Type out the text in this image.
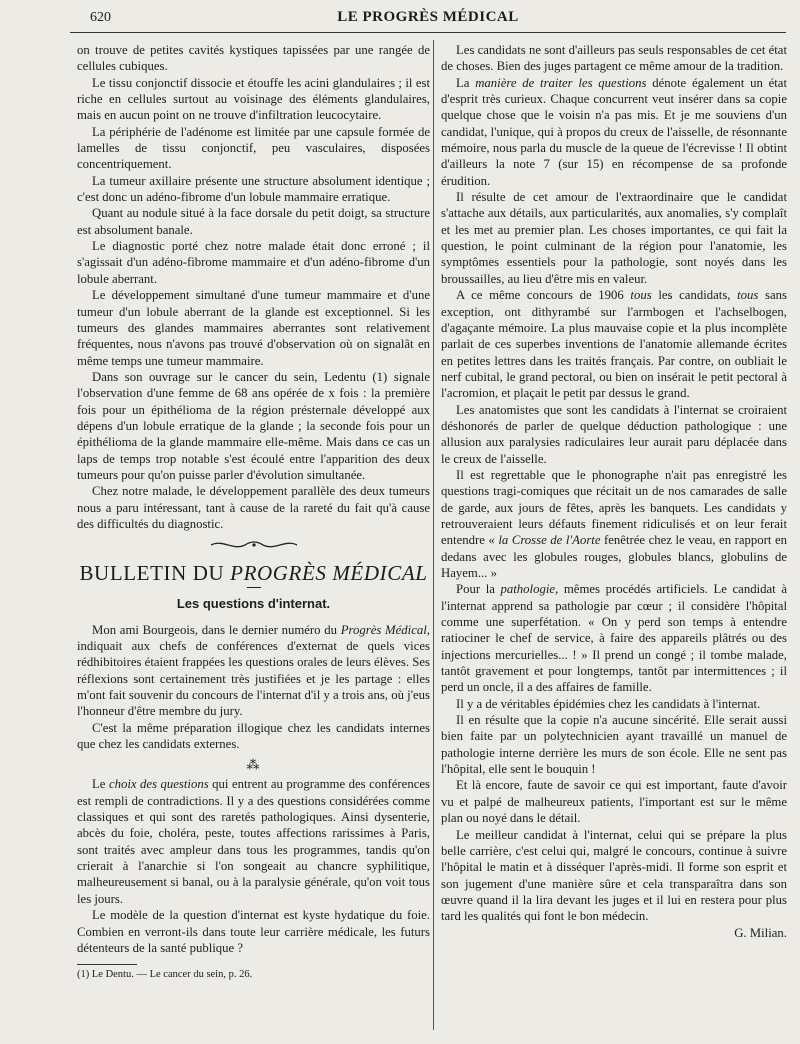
620	LE PROGRÈS MÉDICAL

on trouve de petites cavités kystiques tapissées par une rangée de cellules cubiques.

Le tissu conjonctif dissocie et étouffe les acini glandulaires ; il est riche en cellules surtout au voisinage des éléments glandulaires, mais en aucun point on ne trouve d'infiltration leucocytaire.

La périphérie de l'adénome est limitée par une capsule formée de lamelles de tissu conjonctif, peu vasculaires, disposées concentriquement.

La tumeur axillaire présente une structure absolument identique ; c'est donc un adéno-fibrome d'un lobule mammaire erratique.

Quant au nodule situé à la face dorsale du petit doigt, sa structure est absolument banale.

Le diagnostic porté chez notre malade était donc erroné ; il s'agissait d'un adéno-fibrome mammaire et d'un adéno-fibrome d'un lobule aberrant.

Le développement simultané d'une tumeur mammaire et d'une tumeur d'un lobule aberrant de la glande est exceptionnel. Si les tumeurs des glandes mammaires aberrantes sont relativement fréquentes, nous n'avons pas trouvé d'observation où on signalât en même temps une tumeur mammaire.

Dans son ouvrage sur le cancer du sein, Ledentu (1) signale l'observation d'une femme de 68 ans opérée de x fois : la première fois pour un épithélioma de la région présternale développé aux dépens d'un lobule erratique de la glande ; la seconde fois pour un épithélioma de la glande mammaire elle-même. Mais dans ce cas un laps de temps trop notable s'est écoulé entre l'apparition des deux tumeurs pour qu'on puisse parler d'évolution simultanée.

Chez notre malade, le développement parallèle des deux tumeurs nous a paru intéressant, tant à cause de la rareté du fait qu'à cause des difficultés du diagnostic.

BULLETIN DU PROGRÈS MÉDICAL
Les questions d'internat.

Mon ami Bourgeois, dans le dernier numéro du Progrès Médical, indiquait aux chefs de conférences d'externat de quels vices rédhibitoires étaient frappées les questions orales de leurs élèves. Ses réflexions sont certainement très justifiées et je les partage : elles m'ont fait souvenir du concours de l'internat d'il y a trois ans, où j'eus l'honneur d'être membre du jury.

C'est la même préparation illogique chez les candidats internes que chez les candidats externes.

⁂

Le choix des questions qui entrent au programme des conférences est rempli de contradictions. Il y a des questions considérées comme classiques et qui sont des raretés pathologiques. Ainsi dysenterie, abcès du foie, choléra, peste, toutes affections rarissimes à Paris, sont traités avec ampleur dans tous les programmes, tandis qu'on crierait à l'anarchie si l'on songeait au chancre syphilitique, malheureusement si banal, ou à la paralysie générale, qu'on voit tous les jours.

Le modèle de la question d'internat est kyste hydatique du foie. Combien en verront-ils dans toute leur carrière médicale, les futurs détenteurs de la santé publique ?

(1) Le Dentu. — Le cancer du sein, p. 26.

Les candidats ne sont d'ailleurs pas seuls responsables de cet état de choses. Bien des juges partagent ce même amour de la tradition.

La manière de traiter les questions dénote également un état d'esprit très curieux. Chaque concurrent veut insérer dans sa copie quelque chose que le voisin n'a pas mis. Et je me souviens d'un candidat, l'unique, qui à propos du creux de l'aisselle, de résonnante mémoire, nous parla du muscle de la queue de l'écrevisse ! Il obtint d'ailleurs la note 7 (sur 15) en récompense de sa profonde érudition.

Il résulte de cet amour de l'extraordinaire que le candidat s'attache aux détails, aux particularités, aux anomalies, s'y complaît et les met au premier plan. Les choses importantes, ce qui fait la question, le point culminant de la région pour l'anatomie, les symptômes essentiels pour la pathologie, sont noyés dans les broussailles, au lieu d'être mis en valeur.

A ce même concours de 1906 tous les candidats, tous sans exception, ont dithyrambé sur l'armbogen et l'achselbogen, d'agaçante mémoire. La plus mauvaise copie et la plus incomplète parlait de ces superbes inventions de l'anatomie allemande écrites en petites lettres dans les traités français. Par contre, on oubliait le nerf cubital, le grand pectoral, ou bien on insérait le petit pectoral à l'acromion, et plaçait le petit par dessus le grand.

Les anatomistes que sont les candidats à l'internat se croiraient déshonorés de parler de quelque déduction pathologique : une allusion aux paralysies radiculaires leur aurait paru déplacée dans le creux de l'aisselle.

Il est regrettable que le phonographe n'ait pas enregistré les questions tragi-comiques que récitait un de nos camarades de salle de garde, aux jours de fêtes, après les banquets. Les candidats y retrouveraient leurs défauts finement ridiculisés et on leur ferait entendre « la Crosse de l'Aorte fenêtrée chez le veau, en rapport en dedans avec les globules rouges, globules blancs, globulins de Hayem... »

Pour la pathologie, mêmes procédés artificiels. Le candidat à l'internat apprend sa pathologie par cœur ; il considère l'hôpital comme une superfétation. « On y perd son temps à entendre ratiociner le chef de service, à faire des appareils plâtrés ou des injections mercurielles... ! » Il prend un congé ; il tombe malade, tantôt gravement et pour longtemps, tantôt par intermittences ; il perd un oncle, il a des affaires de famille.

Il y a de véritables épidémies chez les candidats à l'internat.

Il en résulte que la copie n'a aucune sincérité. Elle serait aussi bien faite par un polytechnicien ayant travaillé un manuel de pathologie interne derrière les murs de son école. Elle ne sent pas l'hôpital, elle sent le bouquin !

Et là encore, faute de savoir ce qui est important, faute d'avoir vu et palpé de malheureux patients, l'important est sur le même plan ou noyé dans le détail.

Le meilleur candidat à l'internat, celui qui se prépare la plus belle carrière, c'est celui qui, malgré le concours, continue à suivre l'hôpital le matin et à disséquer l'après-midi. Il forme son esprit et son jugement d'une manière sûre et cela transparaîtra dans son œuvre quand il la lira devant les juges et il lui en restera pour plus tard les qualités qui font le bon médecin.

G. Milian.
